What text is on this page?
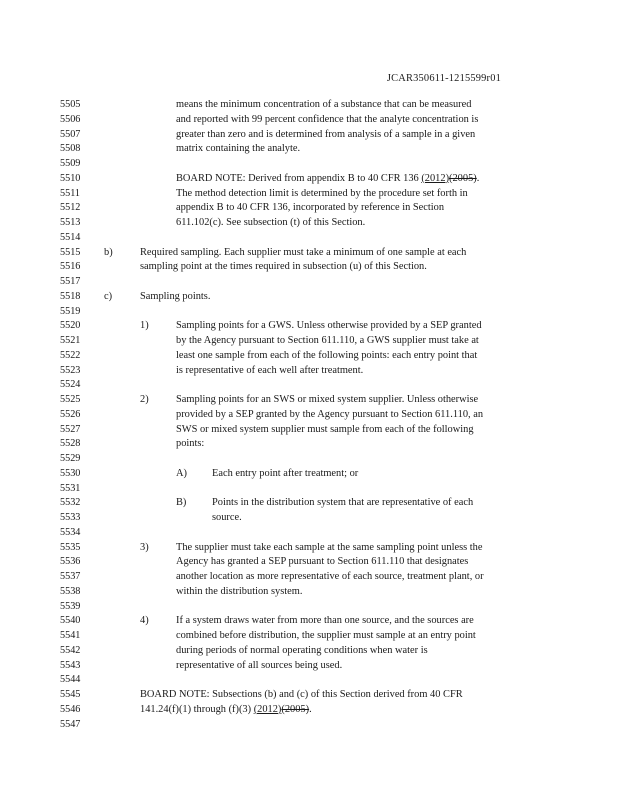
JCAR350611-1215599r01
5505	means the minimum concentration of a substance that can be measured
5506	and reported with 99 percent confidence that the analyte concentration is
5507	greater than zero and is determined from analysis of a sample in a given
5508	matrix containing the analyte.
5509
5510	BOARD NOTE: Derived from appendix B to 40 CFR 136 (2012)(2005).
5511	The method detection limit is determined by the procedure set forth in
5512	appendix B to 40 CFR 136, incorporated by reference in Section
5513	611.102(c). See subsection (t) of this Section.
5514
5515	b)	Required sampling. Each supplier must take a minimum of one sample at each
5516	sampling point at the times required in subsection (u) of this Section.
5517
5518	c)	Sampling points.
5519
5520	1)	Sampling points for a GWS. Unless otherwise provided by a SEP granted
5521	by the Agency pursuant to Section 611.110, a GWS supplier must take at
5522	least one sample from each of the following points: each entry point that
5523	is representative of each well after treatment.
5524
5525	2)	Sampling points for an SWS or mixed system supplier. Unless otherwise
5526	provided by a SEP granted by the Agency pursuant to Section 611.110, an
5527	SWS or mixed system supplier must sample from each of the following
5528	points:
5529
5530	A) Each entry point after treatment; or
5531
5532	B) Points in the distribution system that are representative of each
5533	source.
5534
5535	3)	The supplier must take each sample at the same sampling point unless the
5536	Agency has granted a SEP pursuant to Section 611.110 that designates
5537	another location as more representative of each source, treatment plant, or
5538	within the distribution system.
5539
5540	4)	If a system draws water from more than one source, and the sources are
5541	combined before distribution, the supplier must sample at an entry point
5542	during periods of normal operating conditions when water is
5543	representative of all sources being used.
5544
5545	BOARD NOTE: Subsections (b) and (c) of this Section derived from 40 CFR
5546	141.24(f)(1) through (f)(3) (2012)(2005).
5547
